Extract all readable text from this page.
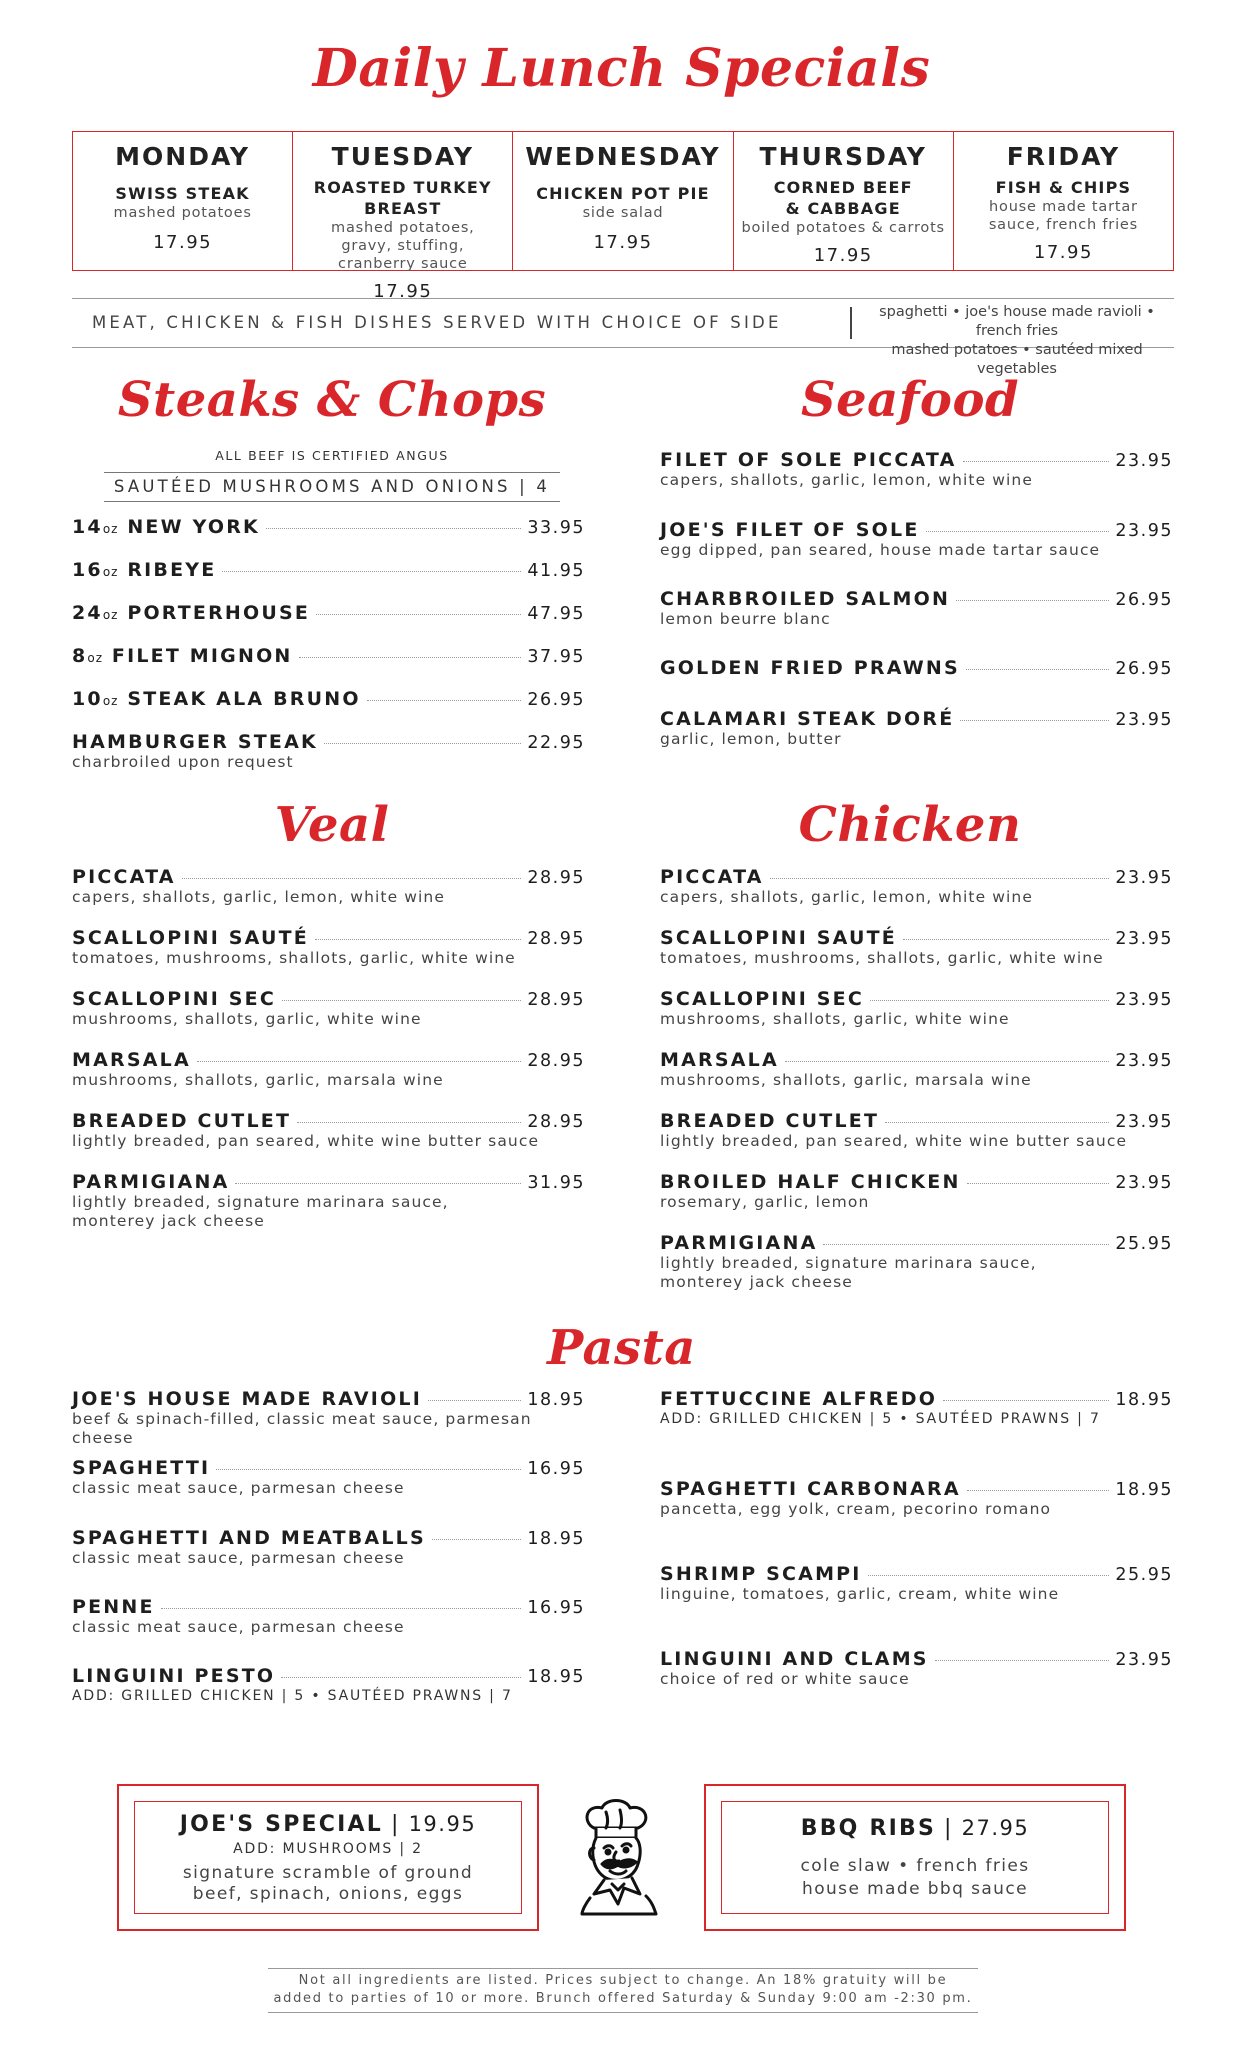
Daily Lunch Specials
MONDAY
SWISS STEAK
mashed potatoes
17.95
TUESDAY
ROASTED TURKEY BREAST
mashed potatoes, gravy, stuffing, cranberry sauce
17.95
WEDNESDAY
CHICKEN POT PIE
side salad
17.95
THURSDAY
CORNED BEEF & CABBAGE
boiled potatoes & carrots
17.95
FRIDAY
FISH & CHIPS
house made tartar sauce, french fries
17.95
MEAT, CHICKEN & FISH DISHES SERVED WITH CHOICE OF SIDE
spaghetti • joe's house made ravioli • french fries
mashed potatoes • sautéed mixed vegetables
Steaks & Chops
ALL BEEF IS CERTIFIED ANGUS
SAUTÉED MUSHROOMS AND ONIONS | 4
14oz NEW YORK	33.95
16oz RIBEYE	41.95
24oz PORTERHOUSE	47.95
8oz FILET MIGNON	37.95
10oz STEAK ALA BRUNO	26.95
HAMBURGER STEAK	22.95
charbroiled upon request
Seafood
Veal	Chicken
Pasta
FILET OF SOLE PICCATA	23.95
capers, shallots, garlic, lemon, white wine
JOE'S FILET OF SOLE	23.95
egg dipped, pan seared, house made tartar sauce
CHARBROILED SALMON	26.95
lemon beurre blanc
GOLDEN FRIED PRAWNS	26.95
CALAMARI STEAK DORÉ	23.95
garlic, lemon, butter
PICCATA	28.95
capers, shallots, garlic, lemon, white wine
SCALLOPINI SAUTÉ	28.95
tomatoes, mushrooms, shallots, garlic, white wine
SCALLOPINI SEC	28.95
mushrooms, shallots, garlic, white wine
MARSALA	28.95
mushrooms, shallots, garlic, marsala wine
BREADED CUTLET	28.95
lightly breaded, pan seared, white wine butter sauce
PARMIGIANA	31.95
lightly breaded, signature marinara sauce,
monterey jack cheese
PICCATA	23.95
capers, shallots, garlic, lemon, white wine
SCALLOPINI SAUTÉ	23.95
tomatoes, mushrooms, shallots, garlic, white wine
SCALLOPINI SEC	23.95
mushrooms, shallots, garlic, white wine
MARSALA	23.95
mushrooms, shallots, garlic, marsala wine
BREADED CUTLET	23.95
lightly breaded, pan seared, white wine butter sauce
BROILED HALF CHICKEN	23.95
rosemary, garlic, lemon
PARMIGIANA	25.95
lightly breaded, signature marinara sauce,
monterey jack cheese
JOE'S HOUSE MADE RAVIOLI	18.95
beef & spinach-filled, classic meat sauce, parmesan cheese
SPAGHETTI	16.95
classic meat sauce, parmesan cheese
SPAGHETTI AND MEATBALLS	18.95
classic meat sauce, parmesan cheese
PENNE	16.95
classic meat sauce, parmesan cheese
LINGUINI PESTO	18.95
ADD: GRILLED CHICKEN | 5 • SAUTÉED PRAWNS | 7
FETTUCCINE ALFREDO	18.95
ADD: GRILLED CHICKEN | 5 • SAUTÉED PRAWNS | 7
SPAGHETTI CARBONARA	18.95
pancetta, egg yolk, cream, pecorino romano
SHRIMP SCAMPI	25.95
linguine, tomatoes, garlic, cream, white wine
LINGUINI AND CLAMS	23.95
choice of red or white sauce
JOE'S SPECIAL | 19.95
ADD: MUSHROOMS | 2
signature scramble of ground
beef, spinach, onions, eggs
BBQ RIBS | 27.95
cole slaw • french fries
house made bbq sauce
Not all ingredients are listed. Prices subject to change. An 18% gratuity will be
added to parties of 10 or more. Brunch offered Saturday & Sunday 9:00 am -2:30 pm.
